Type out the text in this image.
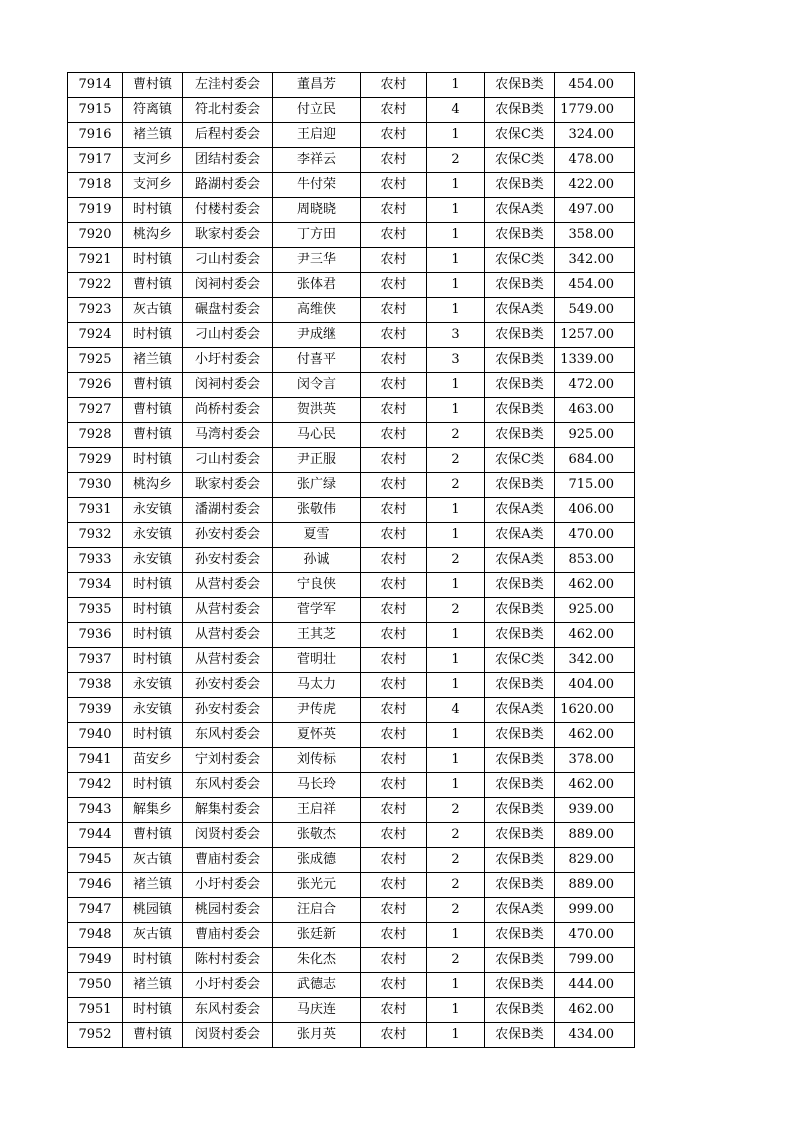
7914	曹村镇	左洼村委会	董昌芳	农村	1	农保B类	454.00
7915	符离镇	符北村委会	付立民	农村	4	农保B类	1779.00
7916	褚兰镇	后程村委会	王启迎	农村	1	农保C类	324.00
7917	支河乡	团结村委会	李祥云	农村	2	农保C类	478.00
7918	支河乡	路湖村委会	牛付荣	农村	1	农保B类	422.00
7919	时村镇	付楼村委会	周晓晓	农村	1	农保A类	497.00
7920	桃沟乡	耿家村委会	丁方田	农村	1	农保B类	358.00
7921	时村镇	刁山村委会	尹三华	农村	1	农保C类	342.00
7922	曹村镇	闵祠村委会	张体君	农村	1	农保B类	454.00
7923	灰古镇	碾盘村委会	高维侠	农村	1	农保A类	549.00
7924	时村镇	刁山村委会	尹成继	农村	3	农保B类	1257.00
7925	褚兰镇	小圩村委会	付喜平	农村	3	农保B类	1339.00
7926	曹村镇	闵祠村委会	闵令言	农村	1	农保B类	472.00
7927	曹村镇	尚桥村委会	贺洪英	农村	1	农保B类	463.00
7928	曹村镇	马湾村委会	马心民	农村	2	农保B类	925.00
7929	时村镇	刁山村委会	尹正服	农村	2	农保C类	684.00
7930	桃沟乡	耿家村委会	张广绿	农村	2	农保B类	715.00
7931	永安镇	潘湖村委会	张敬伟	农村	1	农保A类	406.00
7932	永安镇	孙安村委会	夏雪	农村	1	农保A类	470.00
7933	永安镇	孙安村委会	孙诚	农村	2	农保A类	853.00
7934	时村镇	从营村委会	宁良侠	农村	1	农保B类	462.00
7935	时村镇	从营村委会	菅学军	农村	2	农保B类	925.00
7936	时村镇	从营村委会	王其芝	农村	1	农保B类	462.00
7937	时村镇	从营村委会	菅明壮	农村	1	农保C类	342.00
7938	永安镇	孙安村委会	马太力	农村	1	农保B类	404.00
7939	永安镇	孙安村委会	尹传虎	农村	4	农保A类	1620.00
7940	时村镇	东风村委会	夏怀英	农村	1	农保B类	462.00
7941	苗安乡	宁刘村委会	刘传标	农村	1	农保B类	378.00
7942	时村镇	东风村委会	马长玲	农村	1	农保B类	462.00
7943	解集乡	解集村委会	王启祥	农村	2	农保B类	939.00
7944	曹村镇	闵贤村委会	张敬杰	农村	2	农保B类	889.00
7945	灰古镇	曹庙村委会	张成德	农村	2	农保B类	829.00
7946	褚兰镇	小圩村委会	张光元	农村	2	农保B类	889.00
7947	桃园镇	桃园村委会	汪启合	农村	2	农保A类	999.00
7948	灰古镇	曹庙村委会	张廷新	农村	1	农保B类	470.00
7949	时村镇	陈村村委会	朱化杰	农村	2	农保B类	799.00
7950	褚兰镇	小圩村委会	武德志	农村	1	农保B类	444.00
7951	时村镇	东风村委会	马庆连	农村	1	农保B类	462.00
7952	曹村镇	闵贤村委会	张月英	农村	1	农保B类	434.00
